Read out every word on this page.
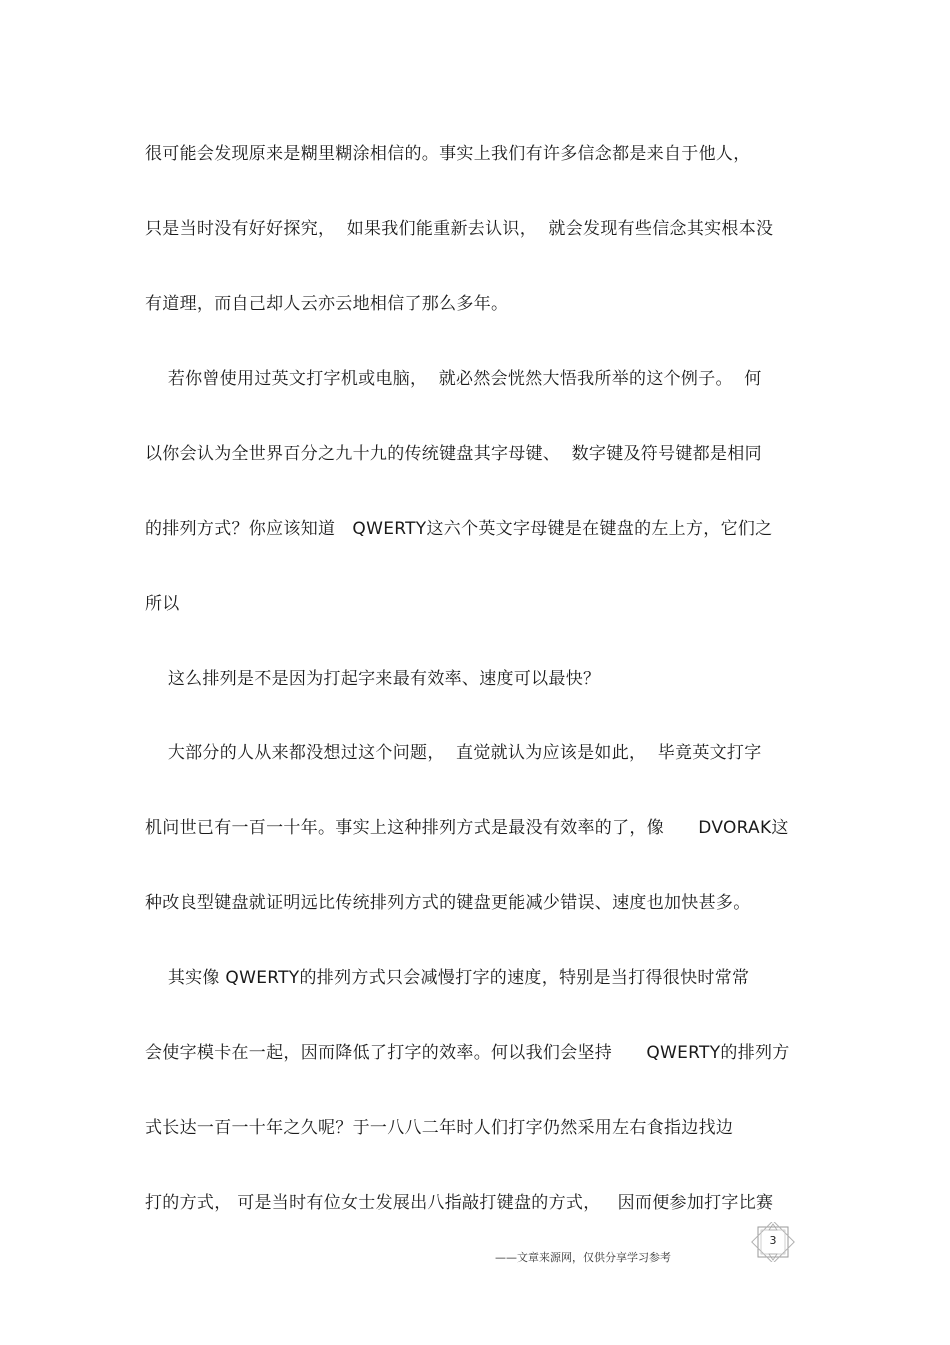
很可能会发现原来是糊里糊涂相信的。事实上我们有许多信念都是来自于他人，
只是当时没有好好探究，  如果我们能重新去认识，  就会发现有些信念其实根本没
有道理，而自己却人云亦云地相信了那么多年。
若你曾使用过英文打字机或电脑，  就必然会恍然大悟我所举的这个例子。  何
以你会认为全世界百分之九十九的传统键盘其字母键、  数字键及符号键都是相同
的排列方式？你应该知道   QWERTY这六个英文字母键是在键盘的左上方，它们之
所以
这么排列是不是因为打起字来最有效率、速度可以最快？
大部分的人从来都没想过这个问题，  直觉就认为应该是如此，  毕竟英文打字
机问世已有一百一十年。事实上这种排列方式是最没有效率的了，像      DVORAK这
种改良型键盘就证明远比传统排列方式的键盘更能减少错误、速度也加快甚多。
其实像 QWERTY的排列方式只会减慢打字的速度，特别是当打得很快时常常
会使字模卡在一起，因而降低了打字的效率。何以我们会坚持      QWERTY的排列方
式长达一百一十年之久呢？于一八八二年时人们打字仍然采用左右食指边找边
打的方式， 可是当时有位女士发展出八指敲打键盘的方式，   因而便参加打字比赛
3
——文章来源网，仅供分享学习参考
